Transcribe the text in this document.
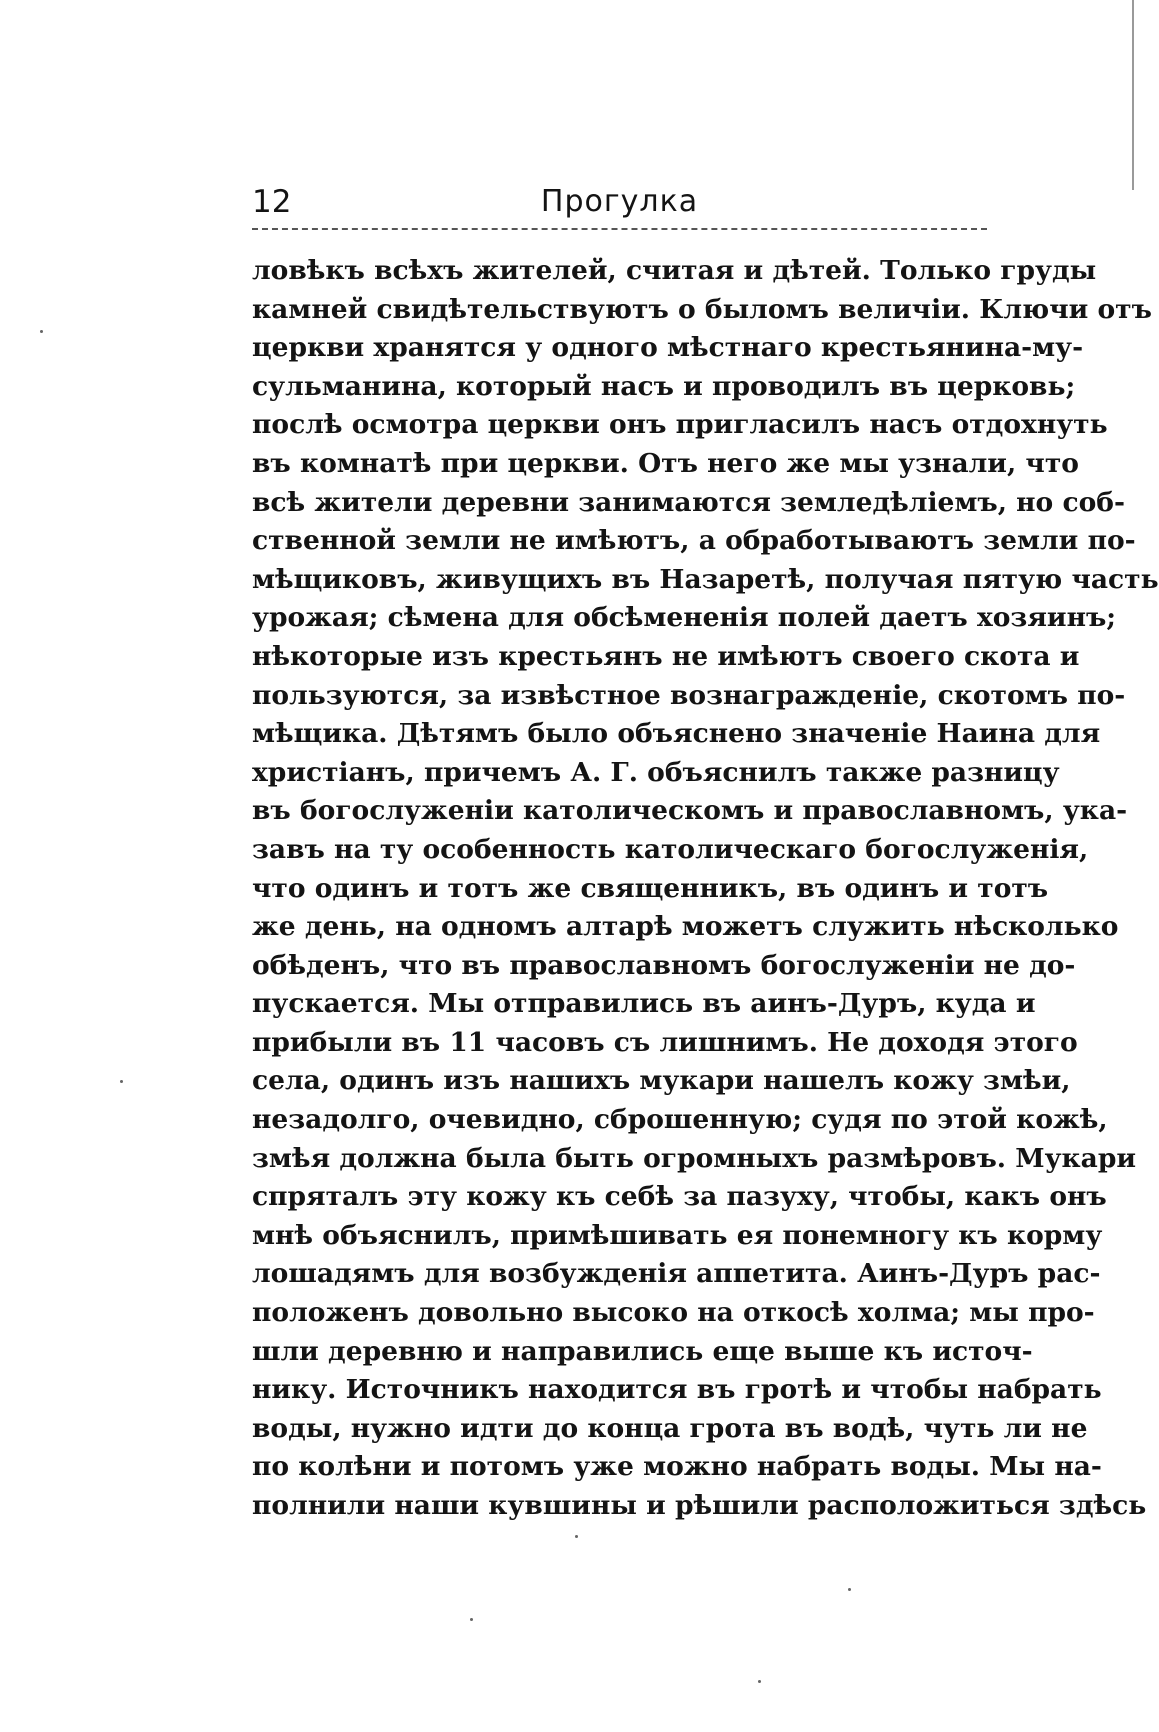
12	Прогулка
ловѣкъ всѣхъ жителей, считая и дѣтей. Только груды
камней свидѣтельствуютъ о быломъ величіи. Ключи отъ
церкви хранятся у одного мѣстнаго крестьянина-му-
сульманина, который насъ и проводилъ въ церковь;
послѣ осмотра церкви онъ пригласилъ насъ отдохнуть
въ комнатѣ при церкви. Отъ него же мы узнали, что
всѣ жители деревни занимаются земледѣліемъ, но соб-
ственной земли не имѣютъ, а обработываютъ земли по-
мѣщиковъ, живущихъ въ Назаретѣ, получая пятую часть
урожая; сѣмена для обсѣмененія полей даетъ хозяинъ;
нѣкоторые изъ крестьянъ не имѣютъ своего скота и
пользуются, за извѣстное вознагражденіе, скотомъ по-
мѣщика. Дѣтямъ было объяснено значеніе Наина для
христіанъ, причемъ А. Г. объяснилъ также разницу
въ богослуженіи католическомъ и православномъ, ука-
завъ на ту особенность католическаго богослуженія,
что одинъ и тотъ же священникъ, въ одинъ и тотъ
же день, на одномъ алтарѣ можетъ служить нѣсколько
обѣденъ, что въ православномъ богослуженіи не до-
пускается. Мы отправились въ аинъ-Дуръ, куда и
прибыли въ 11 часовъ съ лишнимъ. Не доходя этого
села, одинъ изъ нашихъ мукари нашелъ кожу змѣи,
незадолго, очевидно, сброшенную; судя по этой кожѣ,
змѣя должна была быть огромныхъ размѣровъ. Мукари
спряталъ эту кожу къ себѣ за пазуху, чтобы, какъ онъ
мнѣ объяснилъ, примѣшивать ея понемногу къ корму
лошадямъ для возбужденія аппетита. Аинъ-Дуръ рас-
положенъ довольно высоко на откосѣ холма; мы про-
шли деревню и направились еще выше къ источ-
нику. Источникъ находится въ гротѣ и чтобы набрать
воды, нужно идти до конца грота въ водѣ, чуть ли не
по колѣни и потомъ уже можно набрать воды. Мы на-
полнили наши кувшины и рѣшили расположиться здѣсь
